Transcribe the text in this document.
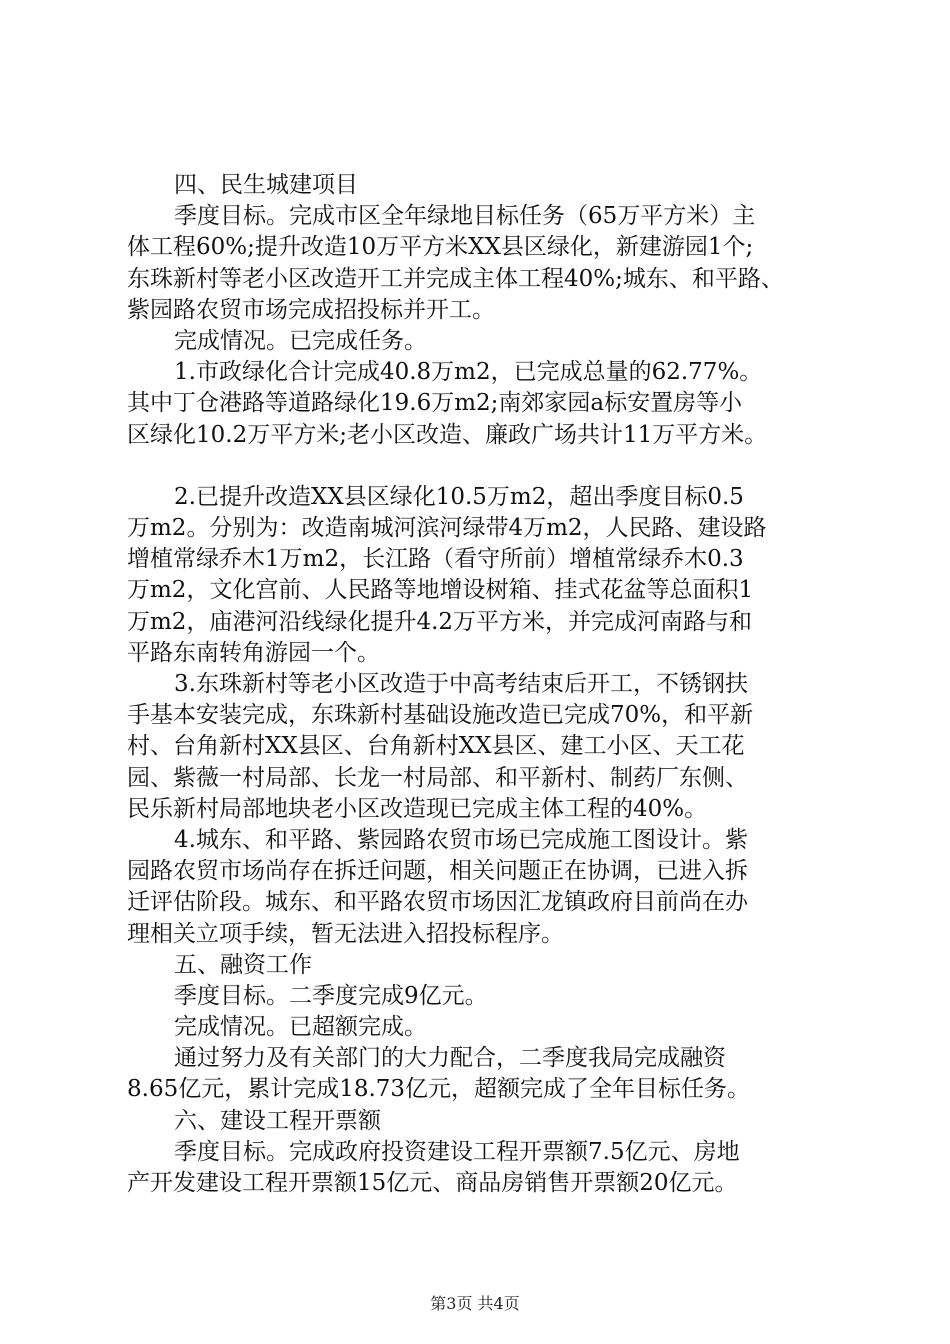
四、民生城建项目
季度目标。完成市区全年绿地目标任务（65万平方米）主
体工程60%;提升改造10万平方米XX县区绿化，新建游园1个;
东珠新村等老小区改造开工并完成主体工程40%;城东、和平路、
紫园路农贸市场完成招投标并开工。
完成情况。已完成任务。
1.市政绿化合计完成40.8万m2，已完成总量的62.77%。
其中丁仓港路等道路绿化19.6万m2;南郊家园a标安置房等小
区绿化10.2万平方米;老小区改造、廉政广场共计11万平方米。
2.已提升改造XX县区绿化10.5万m2，超出季度目标0.5
万m2。分别为：改造南城河滨河绿带4万m2，人民路、建设路
增植常绿乔木1万m2，长江路（看守所前）增植常绿乔木0.3
万m2，文化宫前、人民路等地增设树箱、挂式花盆等总面积1
万m2，庙港河沿线绿化提升4.2万平方米，并完成河南路与和
平路东南转角游园一个。
3.东珠新村等老小区改造于中高考结束后开工，不锈钢扶
手基本安装完成，东珠新村基础设施改造已完成70%，和平新
村、台角新村XX县区、台角新村XX县区、建工小区、天工花
园、紫薇一村局部、长龙一村局部、和平新村、制药厂东侧、
民乐新村局部地块老小区改造现已完成主体工程的40%。
4.城东、和平路、紫园路农贸市场已完成施工图设计。紫
园路农贸市场尚存在拆迁问题，相关问题正在协调，已进入拆
迁评估阶段。城东、和平路农贸市场因汇龙镇政府目前尚在办
理相关立项手续，暂无法进入招投标程序。
五、融资工作
季度目标。二季度完成9亿元。
完成情况。已超额完成。
通过努力及有关部门的大力配合，二季度我局完成融资
8.65亿元，累计完成18.73亿元，超额完成了全年目标任务。
六、建设工程开票额
季度目标。完成政府投资建设工程开票额7.5亿元、房地
产开发建设工程开票额15亿元、商品房销售开票额20亿元。
第3页 共4页
